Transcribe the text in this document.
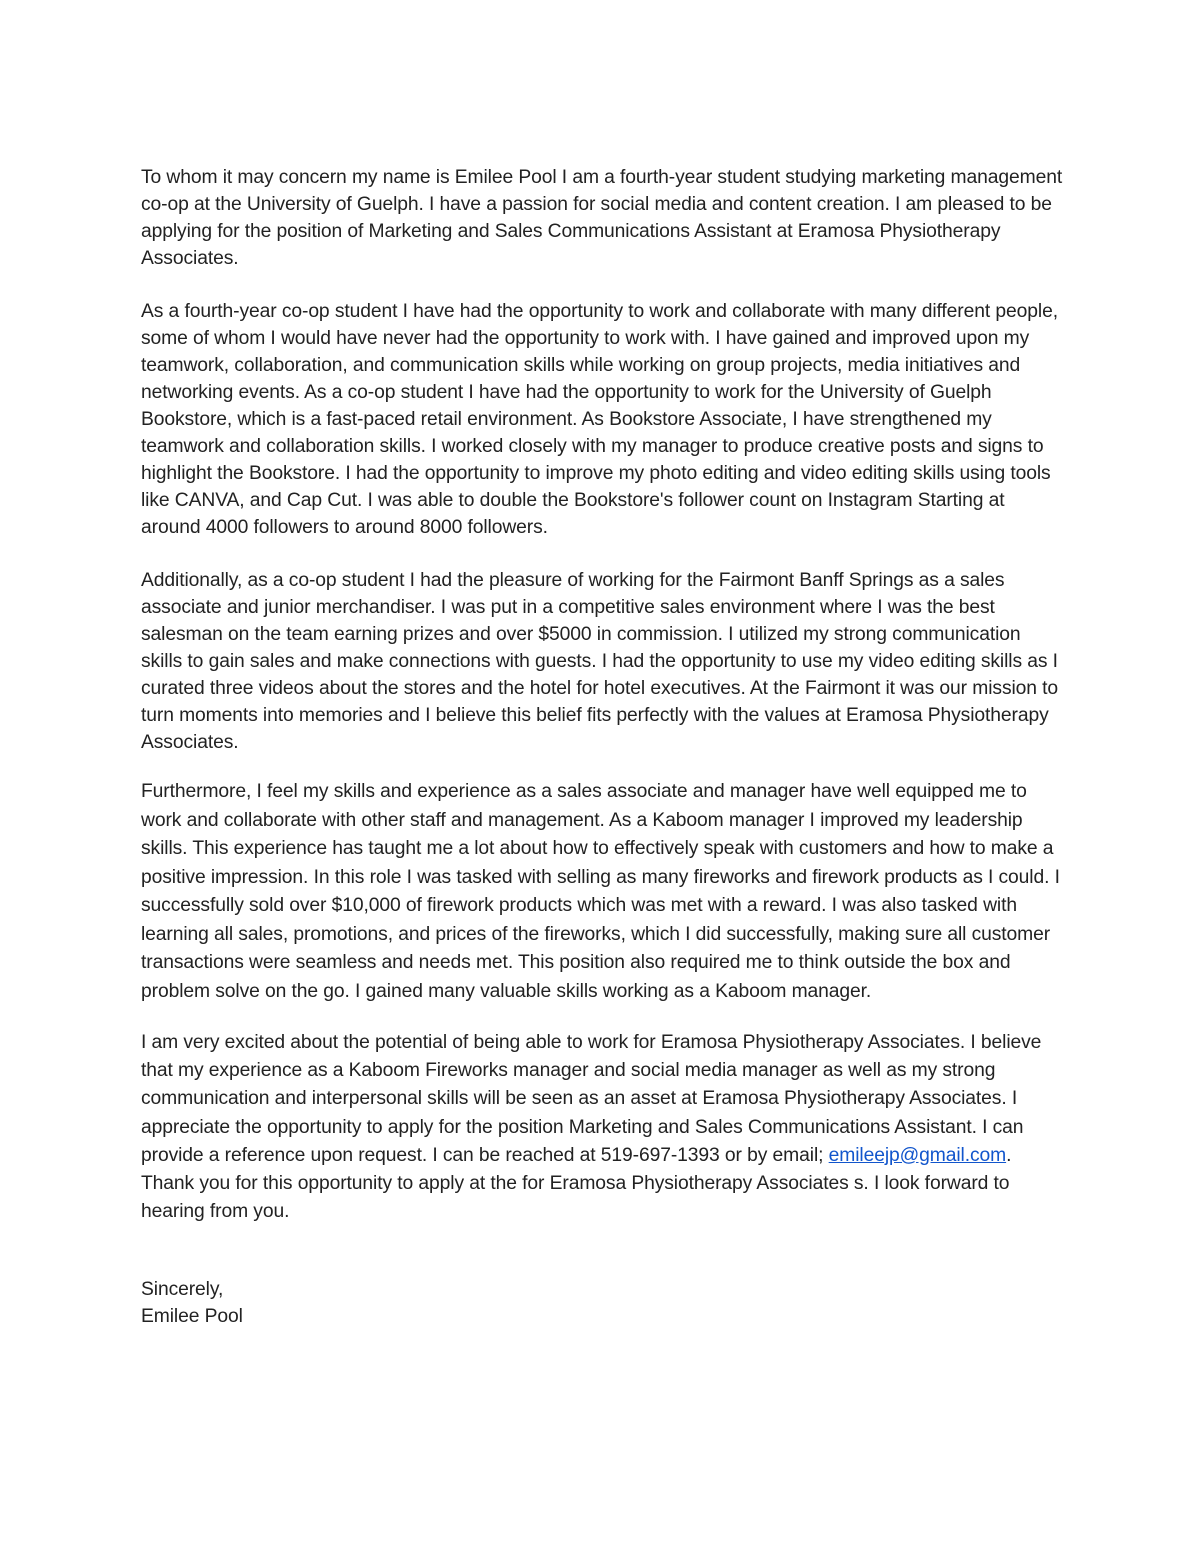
To whom it may concern my name is Emilee Pool I am a fourth-year student studying marketing management co-op at the University of Guelph. I have a passion for social media and content creation. I am pleased to be applying for the position of Marketing and Sales Communications Assistant at Eramosa Physiotherapy Associates.

As a fourth-year co-op student I have had the opportunity to work and collaborate with many different people, some of whom I would have never had the opportunity to work with. I have gained and improved upon my teamwork, collaboration, and communication skills while working on group projects, media initiatives and networking events. As a co-op student I have had the opportunity to work for the University of Guelph Bookstore, which is a fast-paced retail environment. As Bookstore Associate, I have strengthened my teamwork and collaboration skills. I worked closely with my manager to produce creative posts and signs to highlight the Bookstore. I had the opportunity to improve my photo editing and video editing skills using tools like CANVA, and Cap Cut. I was able to double the Bookstore's follower count on Instagram Starting at around 4000 followers to around 8000 followers.

Additionally, as a co-op student I had the pleasure of working for the Fairmont Banff Springs as a sales associate and junior merchandiser. I was put in a competitive sales environment where I was the best salesman on the team earning prizes and over $5000 in commission. I utilized my strong communication skills to gain sales and make connections with guests. I had the opportunity to use my video editing skills as I curated three videos about the stores and the hotel for hotel executives. At the Fairmont it was our mission to turn moments into memories and I believe this belief fits perfectly with the values at Eramosa Physiotherapy Associates.

Furthermore, I feel my skills and experience as a sales associate and manager have well equipped me to work and collaborate with other staff and management. As a Kaboom manager I improved my leadership skills. This experience has taught me a lot about how to effectively speak with customers and how to make a positive impression. In this role I was tasked with selling as many fireworks and firework products as I could. I successfully sold over $10,000 of firework products which was met with a reward. I was also tasked with learning all sales, promotions, and prices of the fireworks, which I did successfully, making sure all customer transactions were seamless and needs met. This position also required me to think outside the box and problem solve on the go. I gained many valuable skills working as a Kaboom manager.

I am very excited about the potential of being able to work for Eramosa Physiotherapy Associates. I believe that my experience as a Kaboom Fireworks manager and social media manager as well as my strong communication and interpersonal skills will be seen as an asset at Eramosa Physiotherapy Associates. I appreciate the opportunity to apply for the position Marketing and Sales Communications Assistant. I can provide a reference upon request. I can be reached at 519-697-1393 or by email; emileejp@gmail.com. Thank you for this opportunity to apply at the for Eramosa Physiotherapy Associates s. I look forward to hearing from you.

Sincerely,

Emilee Pool
